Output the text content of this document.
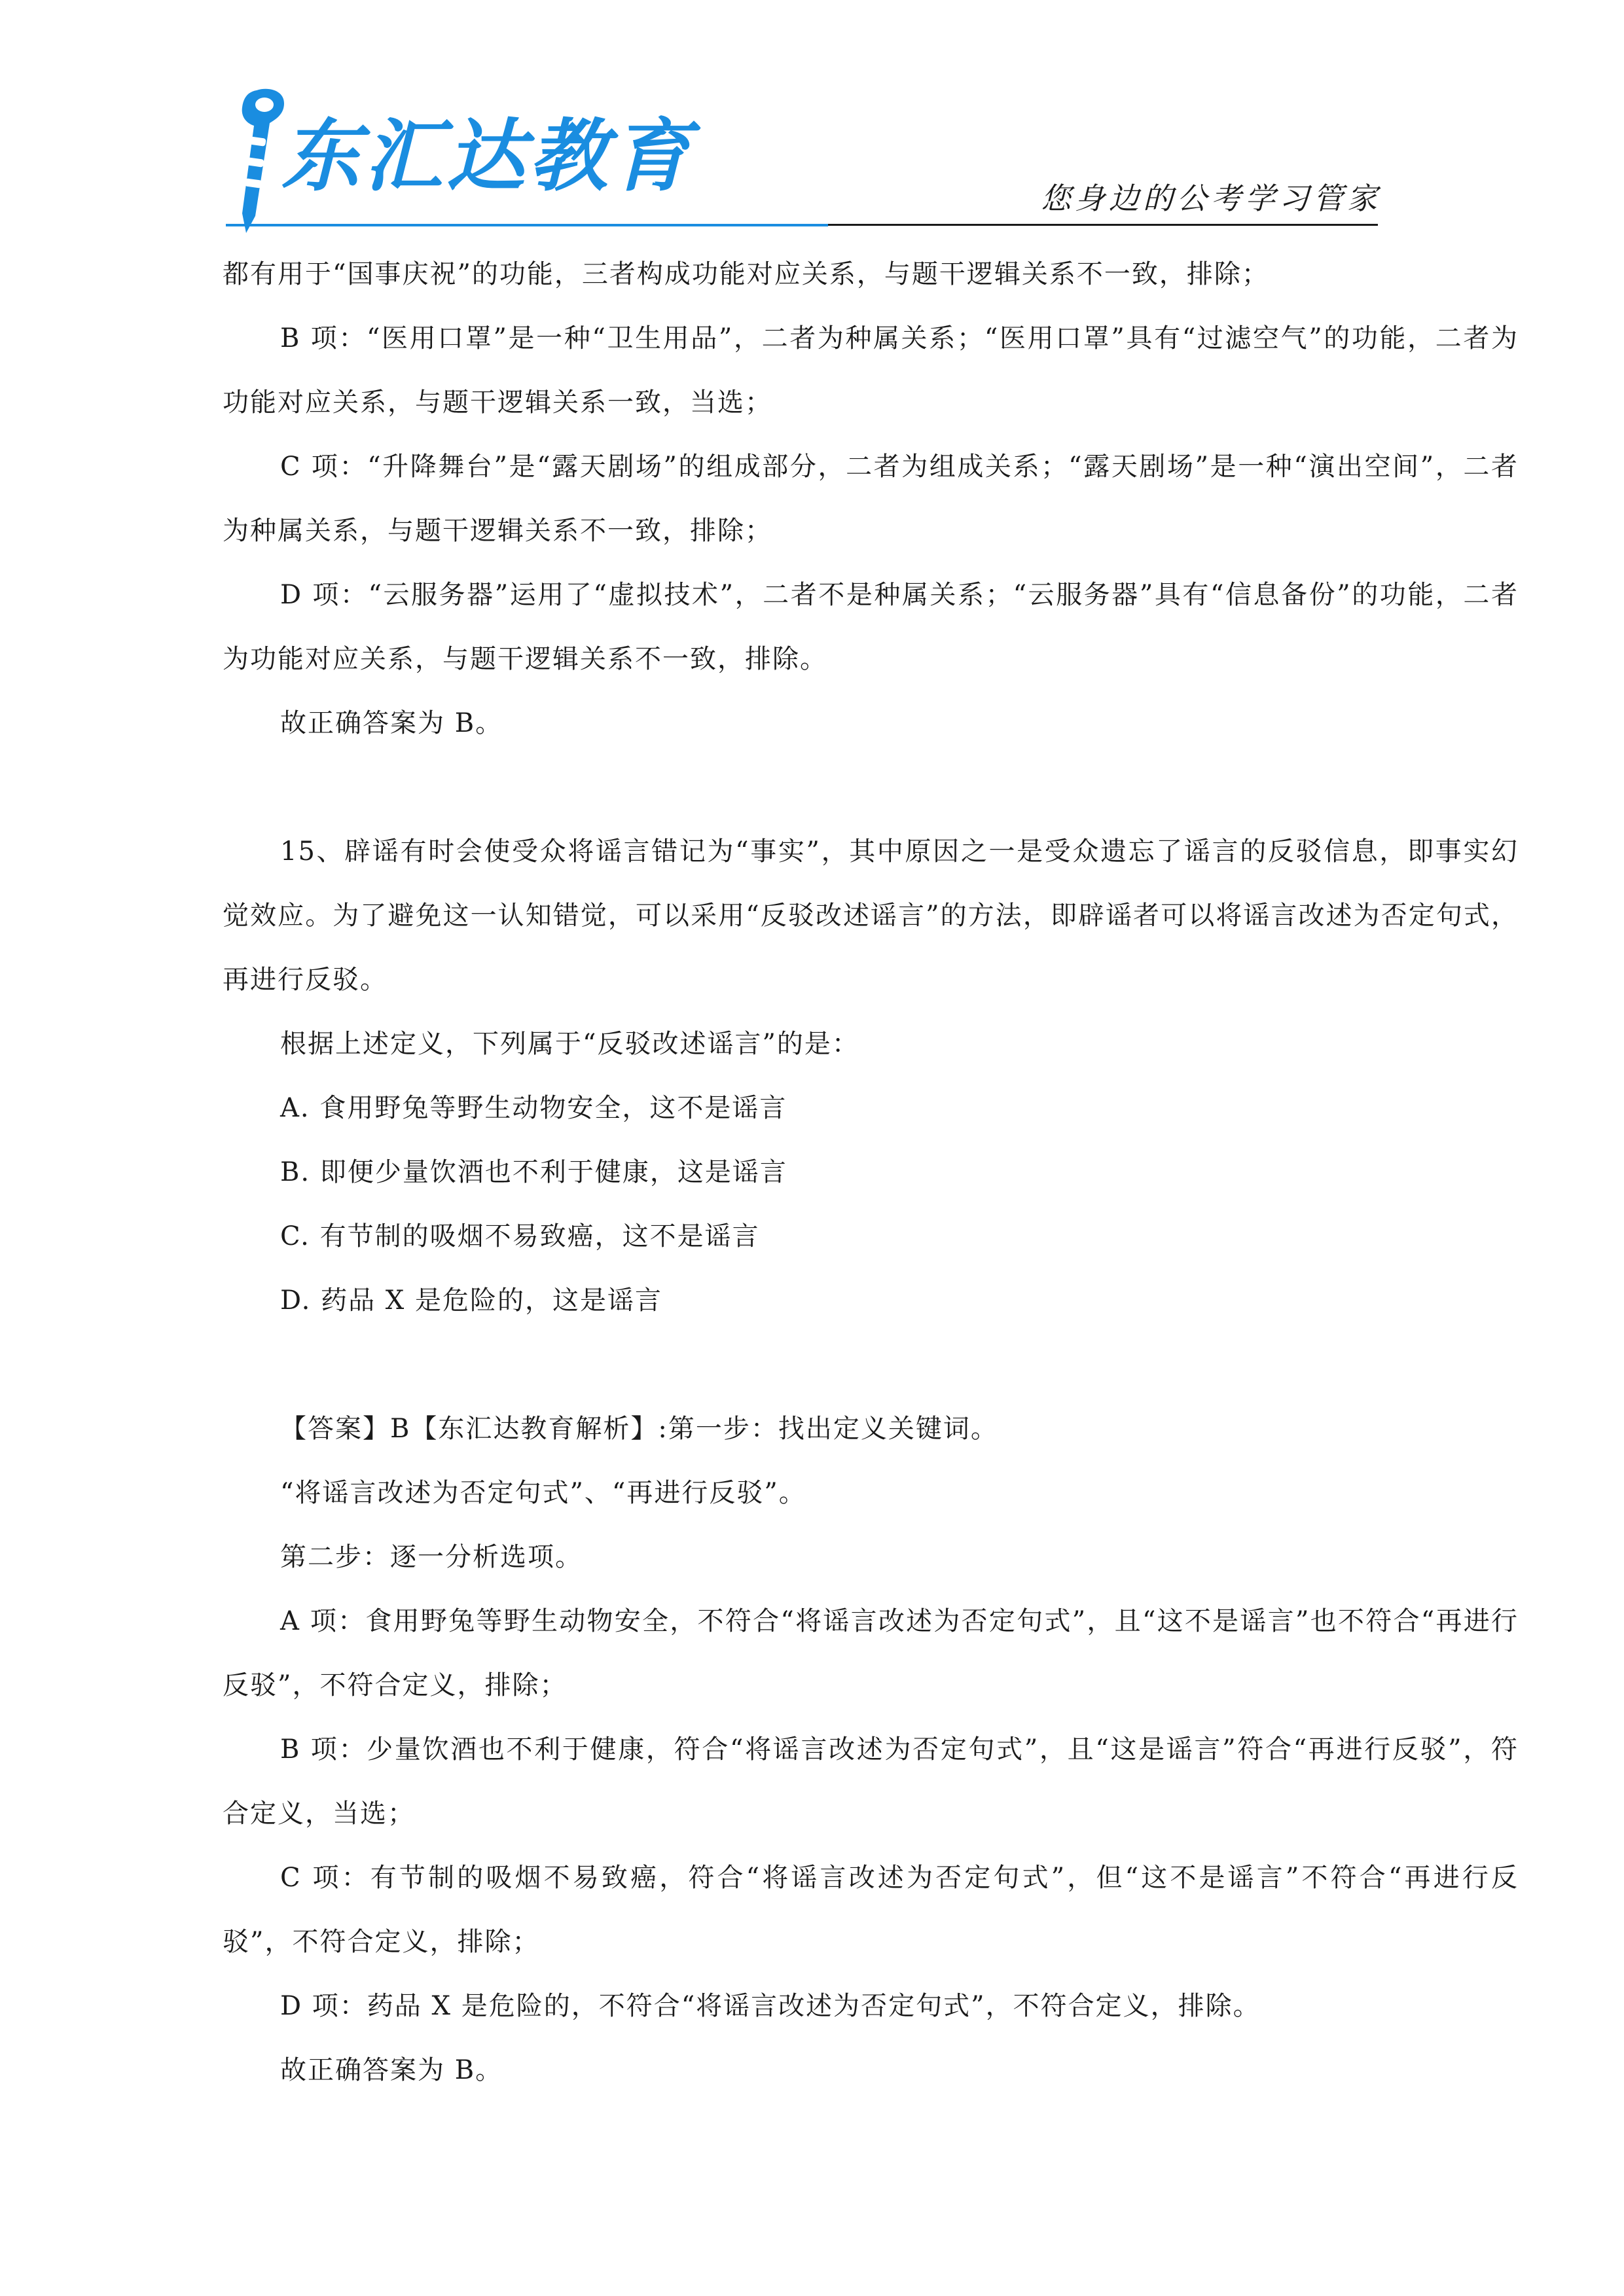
东汇达教育	您身边的公考学习管家

都有用于“国事庆祝”的功能，三者构成功能对应关系，与题干逻辑关系不一致，排除；

B 项：“医用口罩”是一种“卫生用品”，二者为种属关系；“医用口罩”具有“过滤空气”的功能，二者为功能对应关系，与题干逻辑关系一致，当选；

C 项：“升降舞台”是“露天剧场”的组成部分，二者为组成关系；“露天剧场”是一种“演出空间”，二者为种属关系，与题干逻辑关系不一致，排除；

D 项：“云服务器”运用了“虚拟技术”，二者不是种属关系；“云服务器”具有“信息备份”的功能，二者为功能对应关系，与题干逻辑关系不一致，排除。

故正确答案为 B。

15、辟谣有时会使受众将谣言错记为“事实”，其中原因之一是受众遗忘了谣言的反驳信息，即事实幻觉效应。为了避免这一认知错觉，可以采用“反驳改述谣言”的方法，即辟谣者可以将谣言改述为否定句式，再进行反驳。

根据上述定义，下列属于“反驳改述谣言”的是：

A. 食用野兔等野生动物安全，这不是谣言

B. 即便少量饮酒也不利于健康，这是谣言

C. 有节制的吸烟不易致癌，这不是谣言

D. 药品 X 是危险的，这是谣言

【答案】B【东汇达教育解析】:第一步：找出定义关键词。

“将谣言改述为否定句式”、“再进行反驳”。

第二步：逐一分析选项。

A 项：食用野兔等野生动物安全，不符合“将谣言改述为否定句式”，且“这不是谣言”也不符合“再进行反驳”，不符合定义，排除；

B 项：少量饮酒也不利于健康，符合“将谣言改述为否定句式”，且“这是谣言”符合“再进行反驳”，符合定义，当选；

C 项：有节制的吸烟不易致癌，符合“将谣言改述为否定句式”，但“这不是谣言”不符合“再进行反驳”，不符合定义，排除；

D 项：药品 X 是危险的，不符合“将谣言改述为否定句式”，不符合定义，排除。

故正确答案为 B。
